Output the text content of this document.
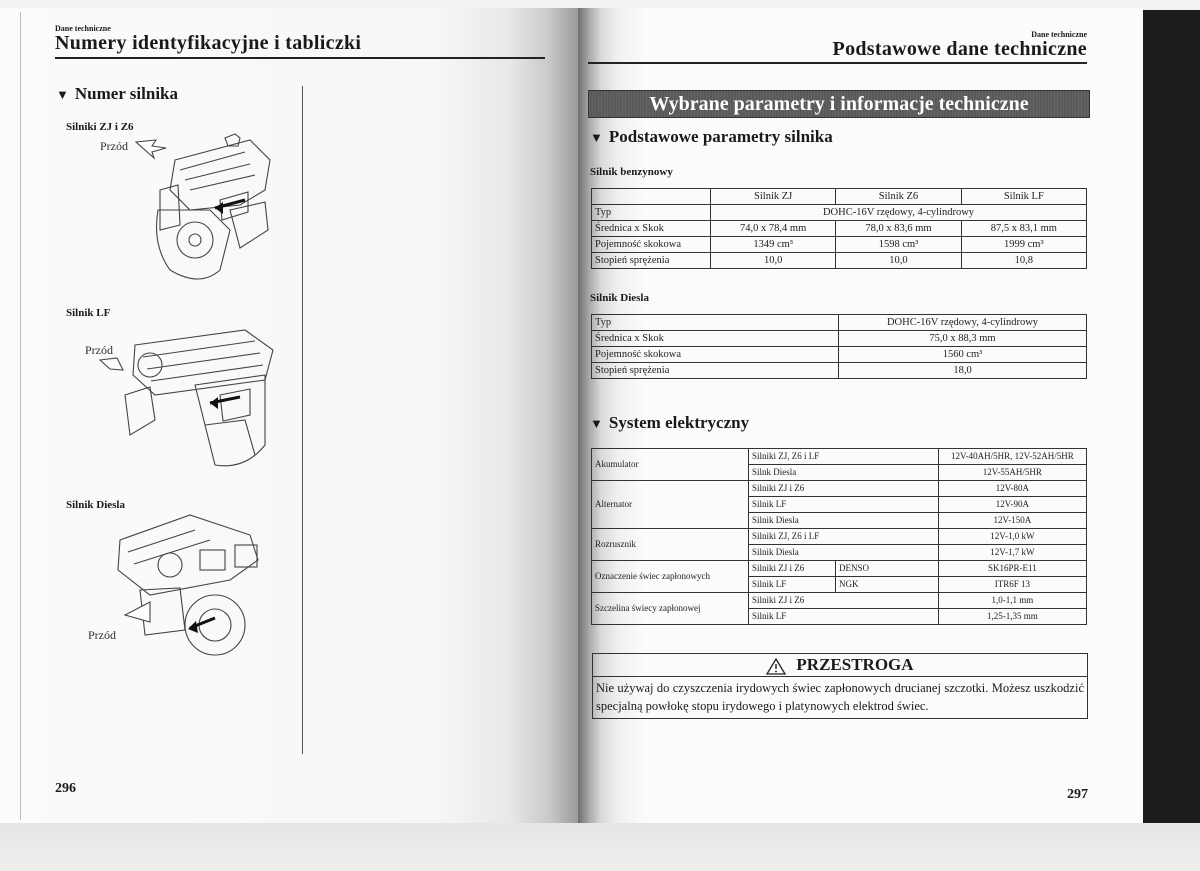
Dane techniczne
Numery identyfikacyjne i tabliczki
▼ Numer silnika
Silniki ZJ i Z6
Przód
Silnik LF
Przód
Silnik Diesla
Przód
296
Dane techniczne
Podstawowe dane techniczne
Wybrane parametry i informacje techniczne
▼ Podstawowe parametry silnika
Silnik benzynowy
	Silnik ZJ	Silnik Z6	Silnik LF
Typ	DOHC-16V rzędowy, 4-cylindrowy		
Średnica x Skok	74,0 x 78,4 mm	78,0 x 83,6 mm	87,5 x 83,1 mm
Pojemność skokowa	1349 cm³	1598 cm³	1999 cm³
Stopień sprężenia	10,0	10,0	10,8
Silnik Diesla
Typ	DOHC-16V rzędowy, 4-cylindrowy
Średnica x Skok	75,0 x 88,3 mm
Pojemność skokowa	1560 cm³
Stopień sprężenia	18,0
▼ System elektryczny
Akumulator	Silniki ZJ, Z6 i LF		12V-40AH/5HR, 12V-52AH/5HR
	Silnk Diesla		12V-55AH/5HR
Alternator	Silniki ZJ i Z6		12V-80A
	Silnik LF		12V-90A
	Silnik Diesla		12V-150A
Rozrusznik	Silniki ZJ, Z6 i LF		12V-1,0 kW
	Silnik Diesla		12V-1,7 kW
Oznaczenie świec zapłonowych	Silniki ZJ i Z6	DENSO	SK16PR-E11
	Silnik LF	NGK	ITR6F 13
Szczelina świecy zapłonowej	Silniki ZJ i Z6		1,0-1,1 mm
	Silnik LF		1,25-1,35 mm
PRZESTROGA
Nie używaj do czyszczenia irydowych świec zapłonowych drucianej szczotki. Możesz uszkodzić specjalną powłokę stopu irydowego i platynowych elektrod świec.
297
